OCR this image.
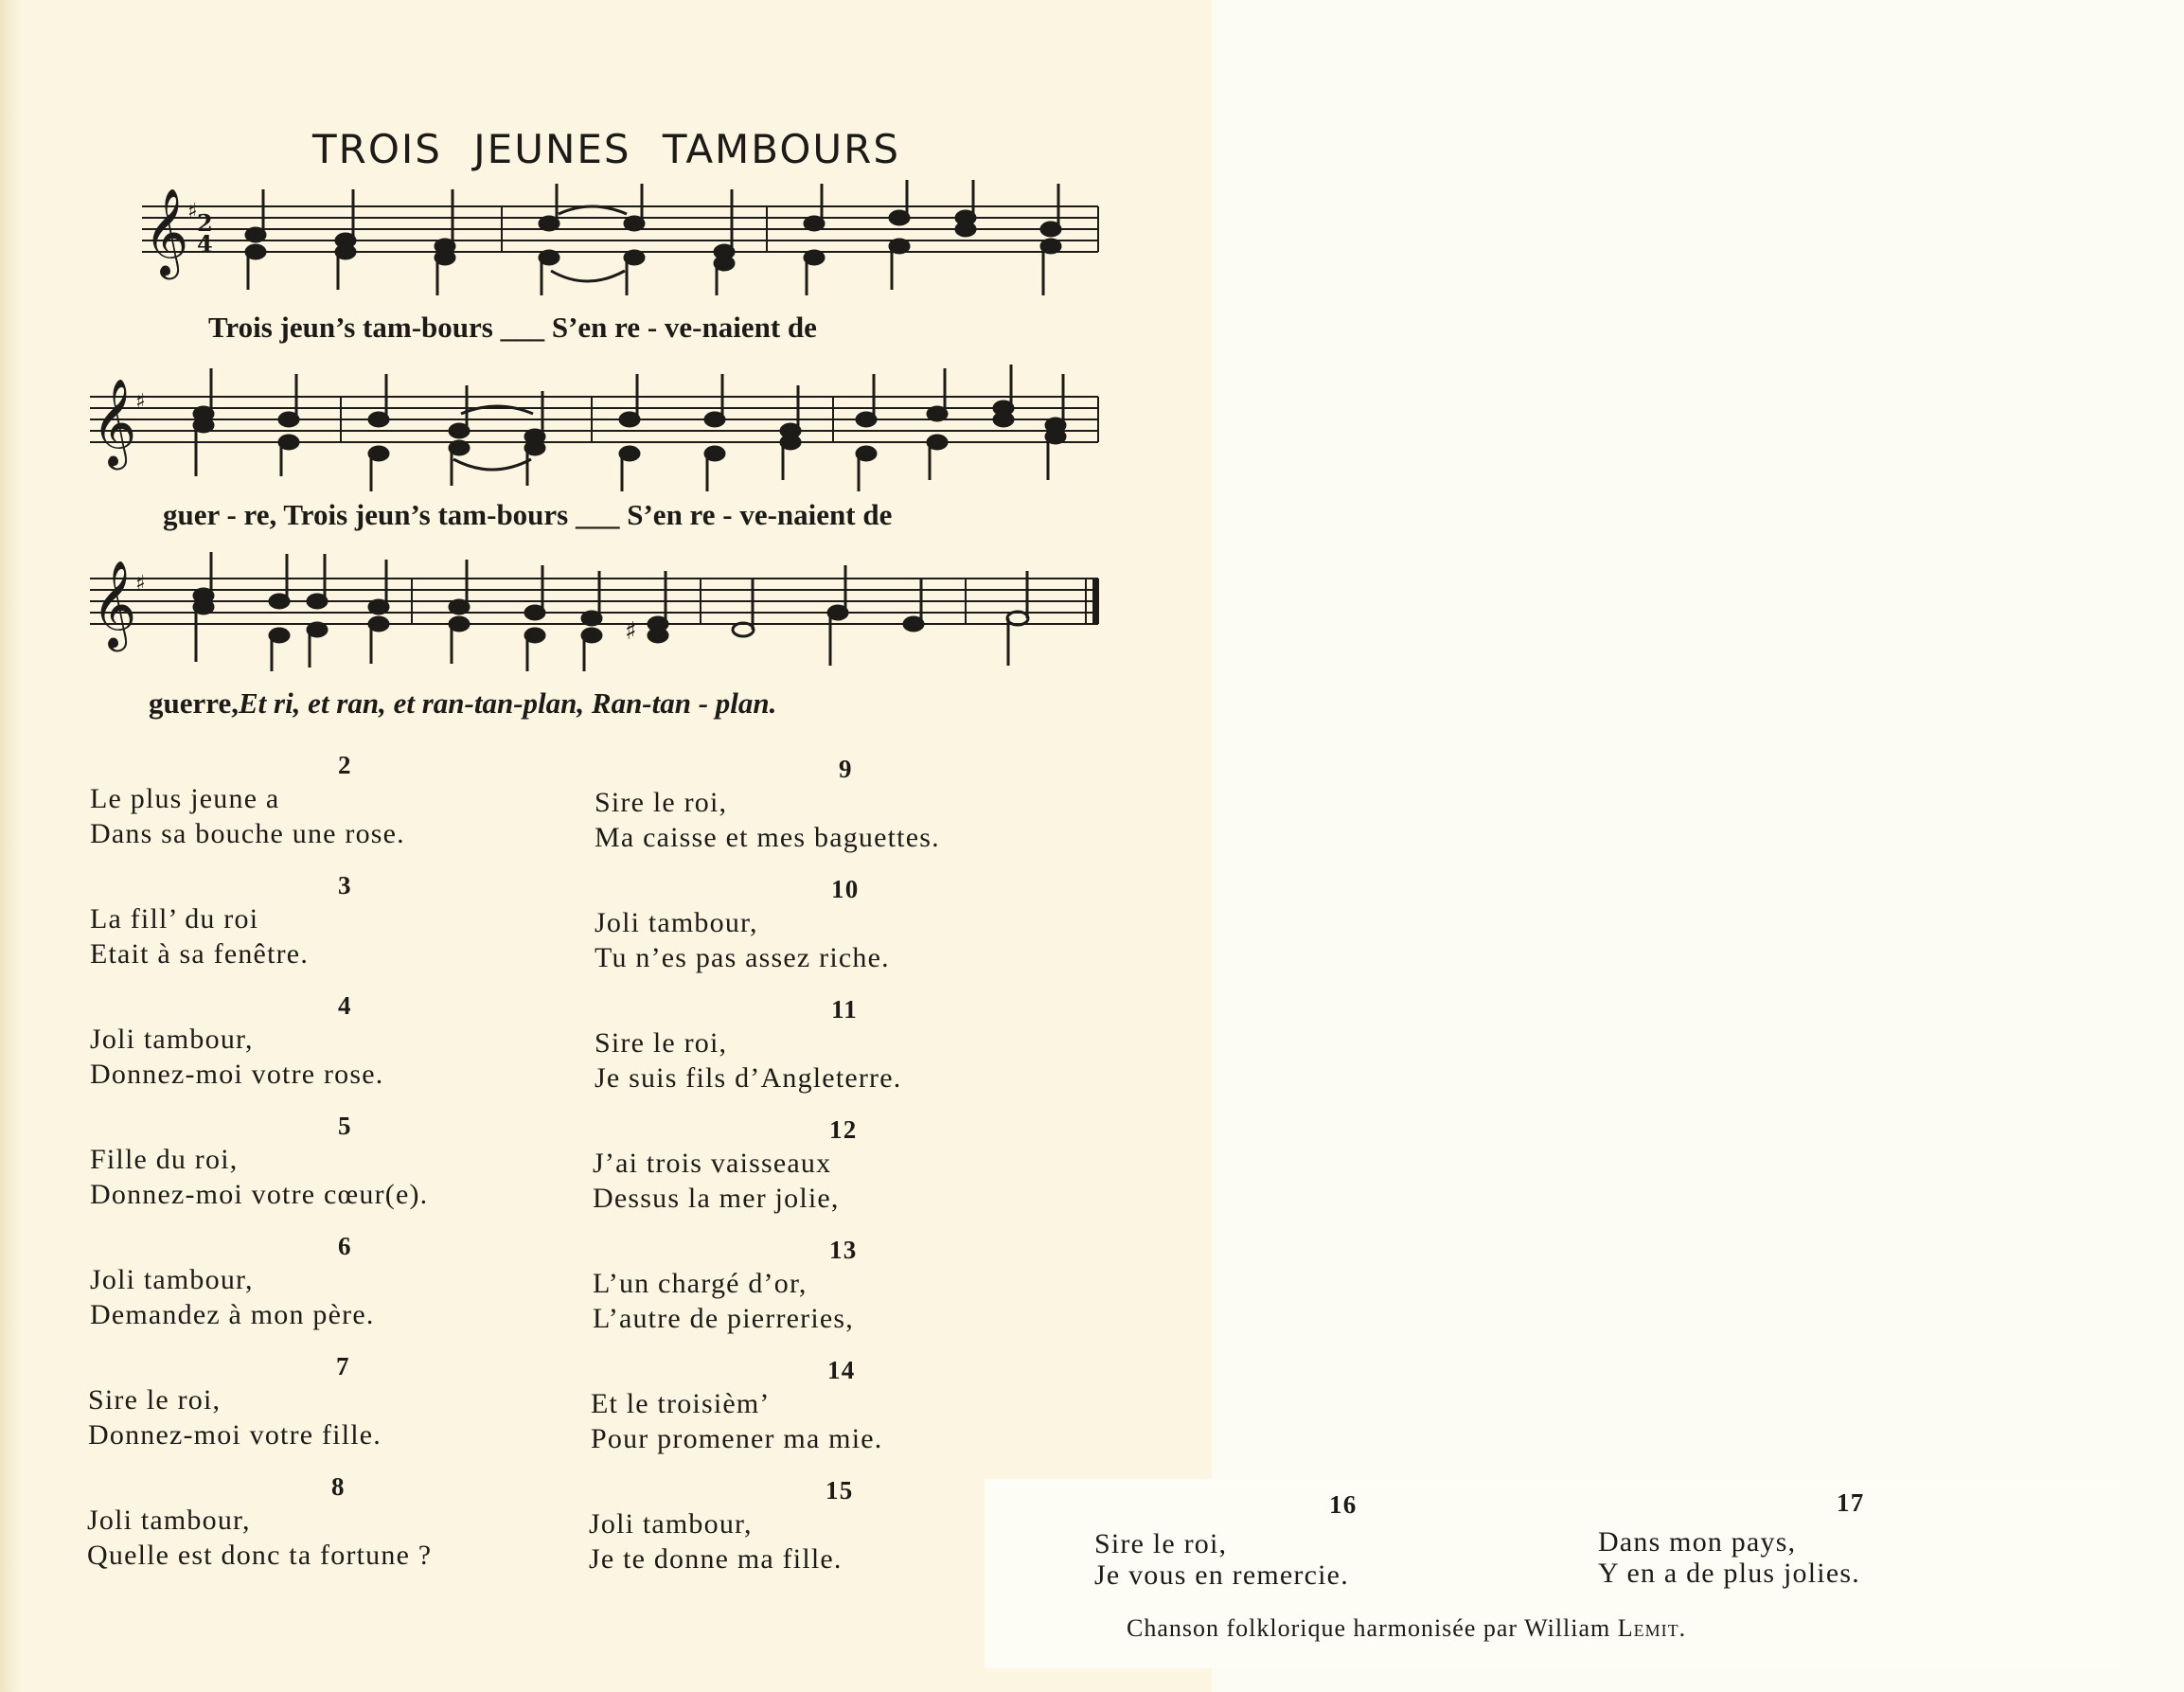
TROIS JEUNES TAMBOURS
𝄞
♯ 2
4
Trois jeun’s tam-bours ___ S’en re - ve-naient de
𝄞
♯
guer - re, Trois jeun’s tam-bours ___ S’en re - ve-naient de
𝄞
♯
♯
guerre,Et ri, et ran, et ran-tan-plan, Ran-tan - plan.
2
Le plus jeune a
Dans sa bouche une rose.
3
La fill’ du roi
Etait à sa fenêtre.
4
Joli tambour,
Donnez-moi votre rose.
5
Fille du roi,
Donnez-moi votre cœur(e).
6
Joli tambour,
Demandez à mon père.
7
Sire le roi,
Donnez-moi votre fille.
8
Joli tambour,
Quelle est donc ta fortune ?
9
Sire le roi,
Ma caisse et mes baguettes.
10
Joli tambour,
Tu n’es pas assez riche.
11
Sire le roi,
Je suis fils d’Angleterre.
12
J’ai trois vaisseaux
Dessus la mer jolie,
13
L’un chargé d’or,
L’autre de pierreries,
14
Et le troisièm’
Pour promener ma mie.
15
Joli tambour,
Je te donne ma fille.
16
Sire le roi,
Je vous en remercie.
17
Dans mon pays,
Y en a de plus jolies.
Chanson folklorique harmonisée par William Lemit.
